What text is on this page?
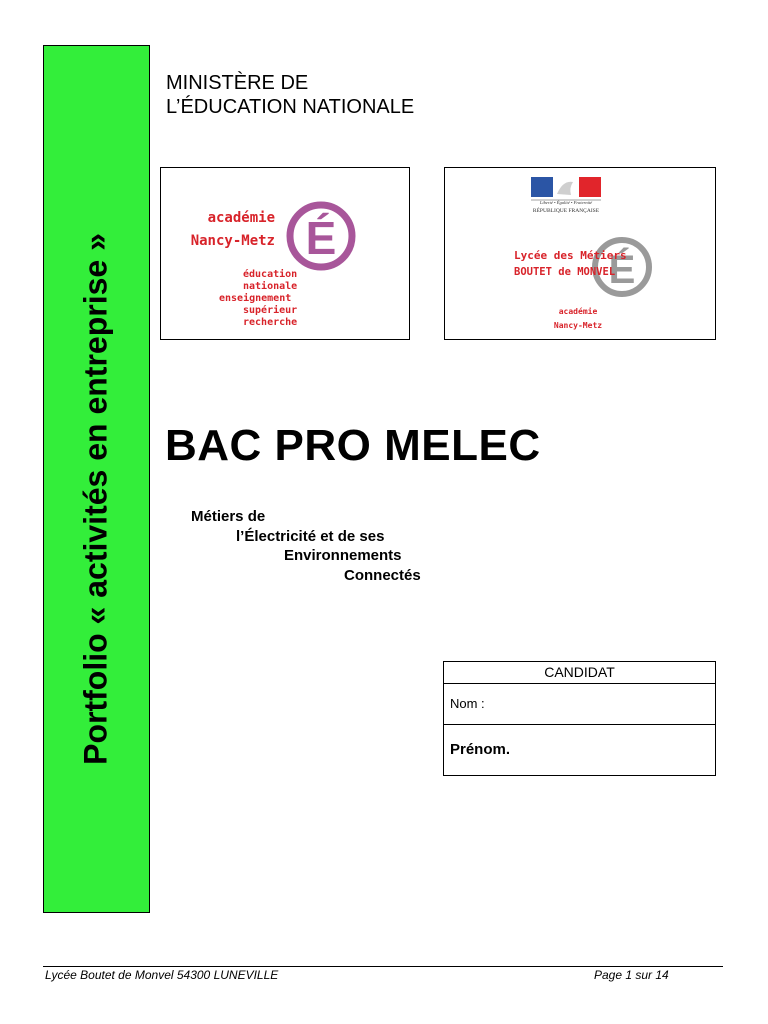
Portfolio « activités en entreprise »
MINISTÈRE DE
L’ÉDUCATION NATIONALE
É
académie
Nancy-Metz
éducation
nationale
enseignement
supérieur
recherche
Liberté • Égalité • Fraternité
RÉPUBLIQUE FRANÇAISE
É
Lycée des Métiers
BOUTET de MONVEL
académie
Nancy-Metz
BAC PRO MELEC
Métiers de
l’Électricité et de ses
Environnements
Connectés
CANDIDAT
Nom :
Prénom.
Lycée Boutet de Monvel 54300 LUNEVILLE	Page 1 sur 14
